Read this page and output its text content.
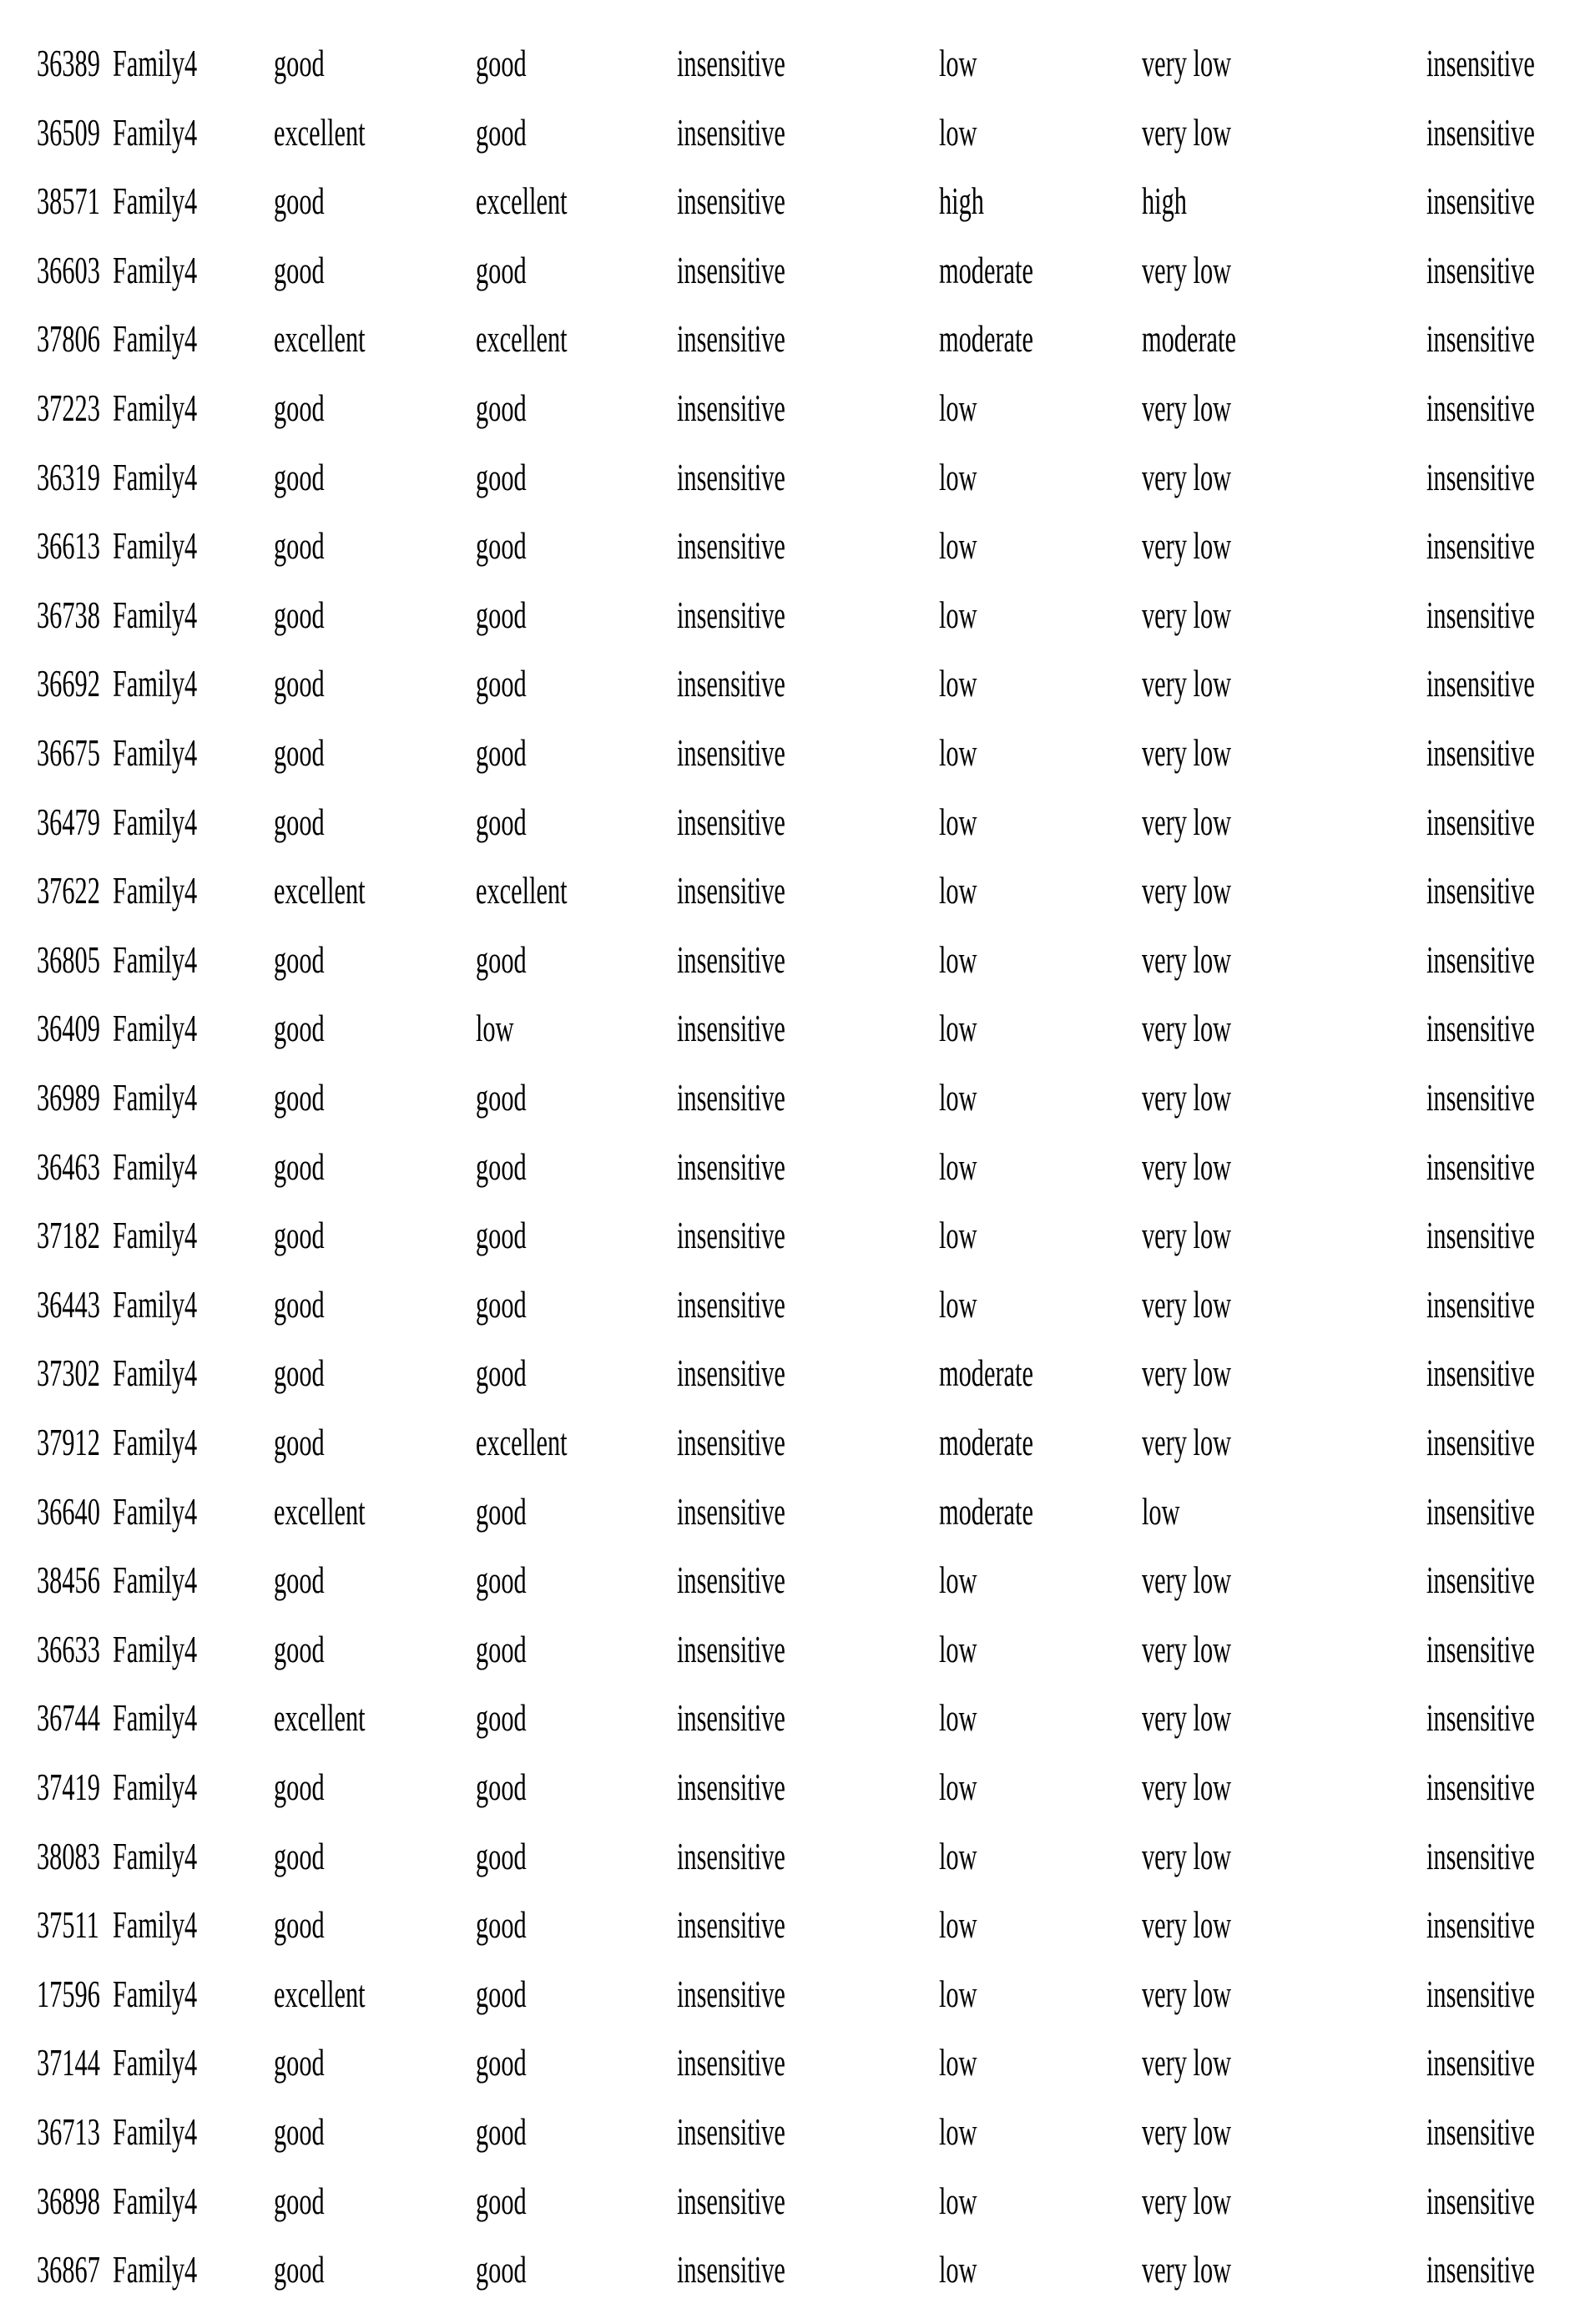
36389 Family4 good	good	insensitive	low	very low	insensitive
36509 Family4 excellent	good	insensitive	low	very low	insensitive
38571 Family4 good	excellent	insensitive	high	high	insensitive
36603 Family4 good	good	insensitive	moderate	very low	insensitive
37806 Family4 excellent	excellent	insensitive	moderate	moderate	insensitive
37223 Family4 good	good	insensitive	low	very low	insensitive
36319 Family4 good	good	insensitive	low	very low	insensitive
36613 Family4 good	good	insensitive	low	very low	insensitive
36738 Family4 good	good	insensitive	low	very low	insensitive
36692 Family4 good	good	insensitive	low	very low	insensitive
36675 Family4 good	good	insensitive	low	very low	insensitive
36479 Family4 good	good	insensitive	low	very low	insensitive
37622 Family4 excellent	excellent	insensitive	low	very low	insensitive
36805 Family4 good	good	insensitive	low	very low	insensitive
36409 Family4 good	low	insensitive	low	very low	insensitive
36989 Family4 good	good	insensitive	low	very low	insensitive
36463 Family4 good	good	insensitive	low	very low	insensitive
37182 Family4 good	good	insensitive	low	very low	insensitive
36443 Family4 good	good	insensitive	low	very low	insensitive
37302 Family4 good	good	insensitive	moderate	very low	insensitive
37912 Family4 good	excellent	insensitive	moderate	very low	insensitive
36640 Family4 excellent	good	insensitive	moderate	low	insensitive
38456 Family4 good	good	insensitive	low	very low	insensitive
36633 Family4 good	good	insensitive	low	very low	insensitive
36744 Family4 excellent	good	insensitive	low	very low	insensitive
37419 Family4 good	good	insensitive	low	very low	insensitive
38083 Family4 good	good	insensitive	low	very low	insensitive
37511 Family4 good	good	insensitive	low	very low	insensitive
17596 Family4 excellent	good	insensitive	low	very low	insensitive
37144 Family4 good	good	insensitive	low	very low	insensitive
36713 Family4 good	good	insensitive	low	very low	insensitive
36898 Family4 good	good	insensitive	low	very low	insensitive
36867 Family4 good	good	insensitive	low	very low	insensitive
